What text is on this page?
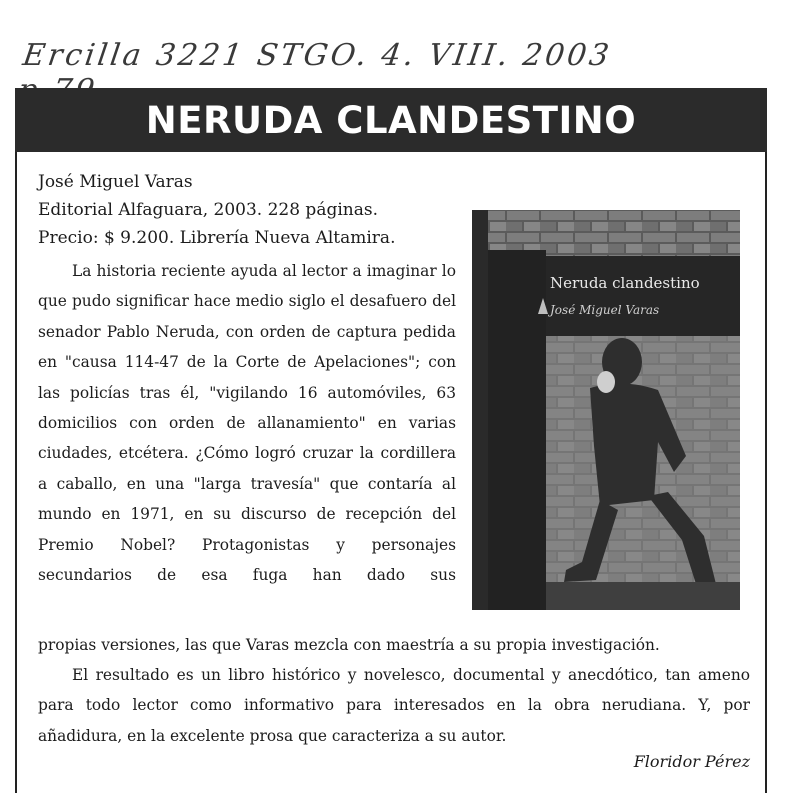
Ercilla 3221 STGO. 4. VIII. 2003
NERUDA CLANDESTINO
José Miguel Varas
Editorial Alfaguara, 2003. 228 páginas.
Precio: $ 9.200. Librería Nueva Altamira.
La historia reciente ayuda al lector a imaginar lo que pudo significar hace medio siglo el desafuero del senador Pablo Neruda, con orden de captura pedida en "causa 114-47 de la Corte de Apelaciones"; con las policías tras él, "vigilando 16 automóviles, 63 domicilios con orden de allanamiento" en varias ciudades, etcétera. ¿Cómo logró cruzar la cordillera a caballo, en una "larga travesía" que contaría al mundo en 1971, en su discurso de recepción del Premio Nobel? Protagonistas y personajes secundarios de esa fuga han dado sus
propias versiones, las que Varas mezcla con maestría a su propia investigación.
El resultado es un libro histórico y novelesco, documental y anecdótico, tan ameno para todo lector como informativo para interesados en la obra nerudiana. Y, por añadidura, en la excelente prosa que caracteriza a su autor.
Floridor Pérez
Neruda clandestino
José Miguel Varas
